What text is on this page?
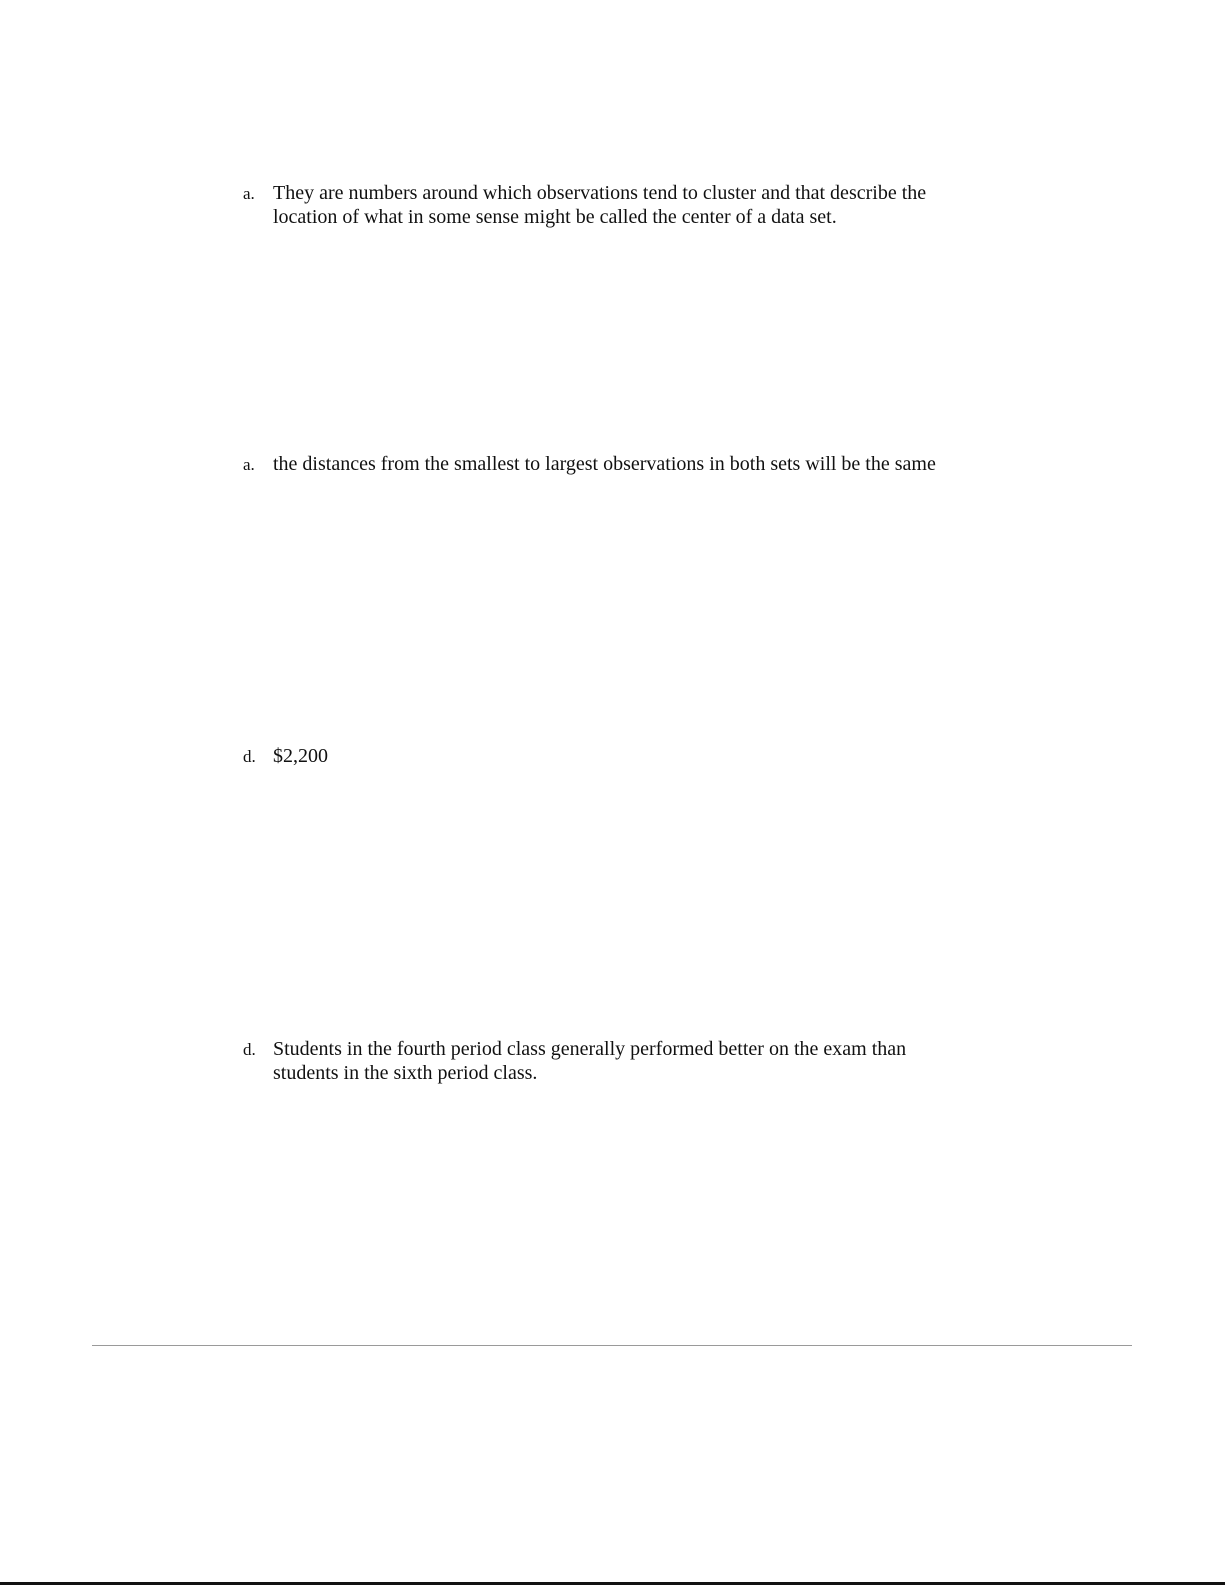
a. They are numbers around which observations tend to cluster and that describe the location of what in some sense might be called the center of a data set.
a. the distances from the smallest to largest observations in both sets will be the same
d. $2,200
d. Students in the fourth period class generally performed better on the exam than students in the sixth period class.
